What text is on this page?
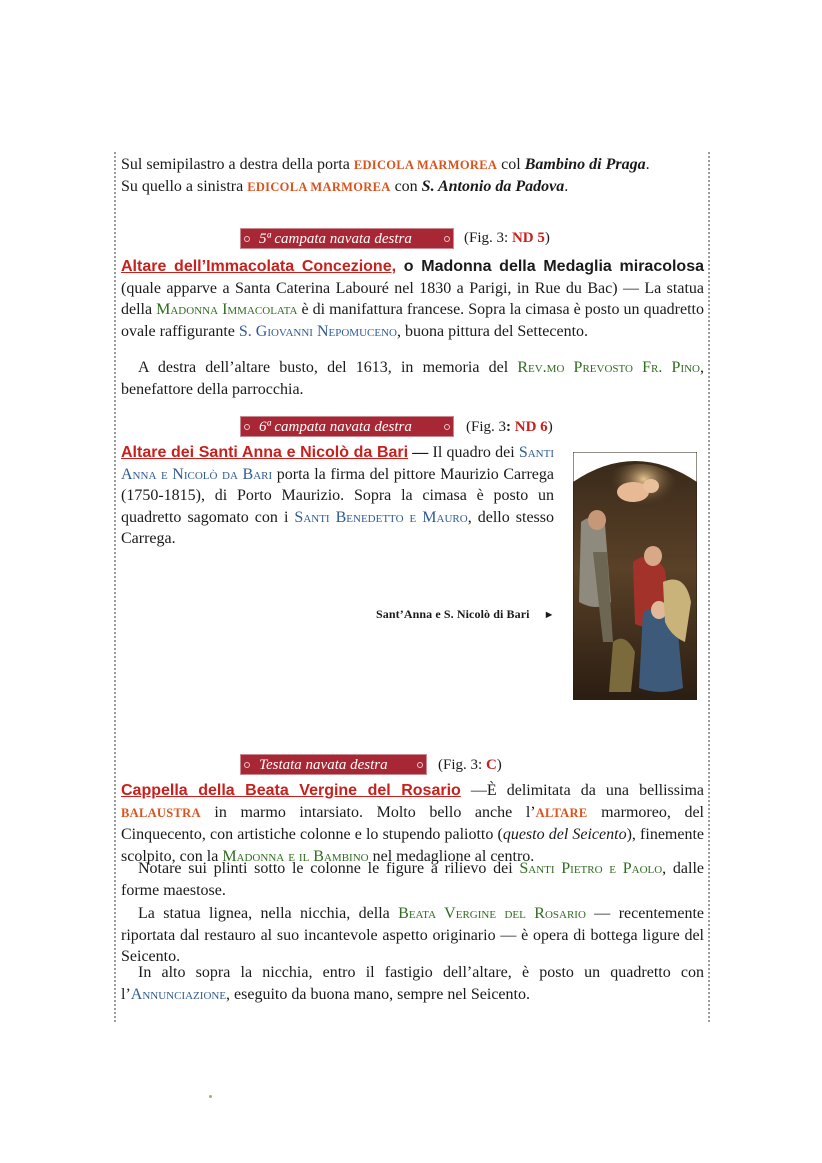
Sul semipilastro a destra della porta EDICOLA MARMOREA col Bambino di Praga.
Su quello a sinistra EDICOLA MARMOREA con S. Antonio da Padova.
5ª campata navata destra	(Fig. 3: ND 5)
Altare dell’Immacolata Concezione, o Madonna della Medaglia miracolosa (quale apparve a Santa Caterina Labouré nel 1830 a Parigi, in Rue du Bac) — La statua della Madonna Immacolata è di manifattura francese. Sopra la cimasa è posto un quadretto ovale raffigurante S. Giovanni Nepomuceno, buona pittura del Settecento.
A destra dell’altare busto, del 1613, in memoria del Rev.mo Prevosto Fr. Pino, benefattore della parrocchia.
6ª campata navata destra	(Fig. 3: ND 6)
Altare dei Santi Anna e Nicolò da Bari — Il quadro dei Santi Anna e Nicolò da Bari porta la firma del pittore Maurizio Carrega (1750-1815), di Porto Maurizio. Sopra la cimasa è posto un quadretto sagomato con i Santi Benedetto e Mauro, dello stesso Carrega.
Sant’Anna e S. Nicolò di Bari ►
Testata navata destra	(Fig. 3: C)
Cappella della Beata Vergine del Rosario —È delimitata da una bellissima BALAUSTRA in marmo intarsiato. Molto bello anche l’ALTARE marmoreo, del Cinquecento, con artistiche colonne e lo stupendo paliotto (questo del Seicento), finemente scolpito, con la Madonna e il Bambino nel medaglione al centro.
Notare sui plinti sotto le colonne le figure a rilievo dei Santi Pietro e Paolo, dalle forme maestose.
La statua lignea, nella nicchia, della Beata Vergine del Rosario — recentemente riportata dal restauro al suo incantevole aspetto originario — è opera di bottega ligure del Seicento.
In alto sopra la nicchia, entro il fastigio dell’altare, è posto un quadretto con l’Annunciazione, eseguito da buona mano, sempre nel Seicento.
